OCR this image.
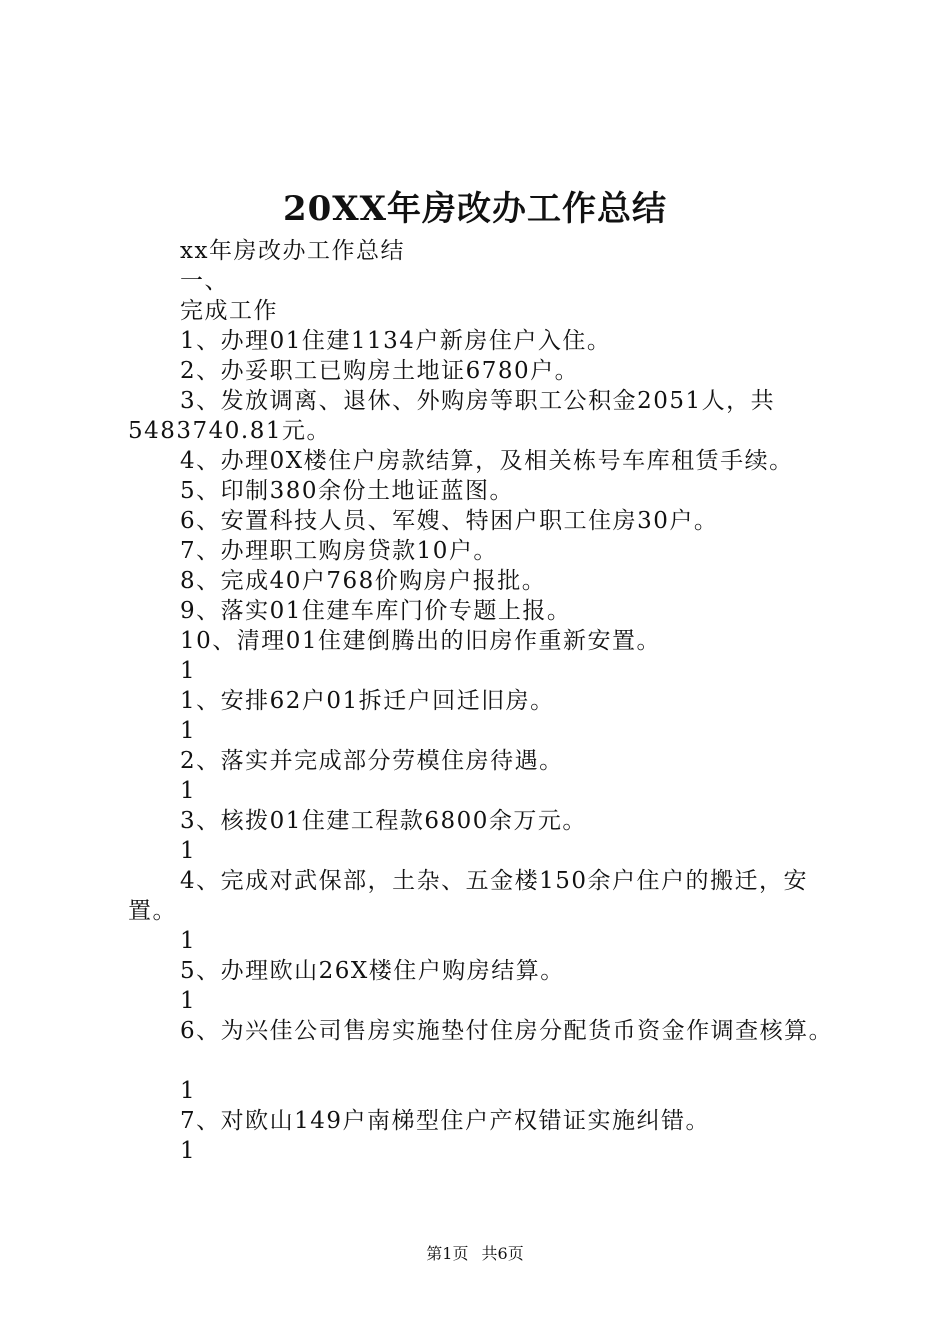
20XX年房改办工作总结

xx年房改办工作总结

一、

完成工作

1、办理01住建1134户新房住户入住。

2、办妥职工已购房土地证6780户。

3、发放调离、退休、外购房等职工公积金2051人，共5483740.81元。

4、办理0X楼住户房款结算，及相关栋号车库租赁手续。

5、印制380余份土地证蓝图。

6、安置科技人员、军嫂、特困户职工住房30户。

7、办理职工购房贷款10户。

8、完成40户768价购房户报批。

9、落实01住建车库门价专题上报。

10、清理01住建倒腾出的旧房作重新安置。

1

1、安排62户01拆迁户回迁旧房。

1

2、落实并完成部分劳模住房待遇。

1

3、核拨01住建工程款6800余万元。

1

4、完成对武保部，土杂、五金楼150余户住户的搬迁，安置。

1

5、办理欧山26X楼住户购房结算。

1

6、为兴佳公司售房实施垫付住房分配货币资金作调查核算。

1

7、对欧山149户南梯型住户产权错证实施纠错。

1

第1页 共6页
